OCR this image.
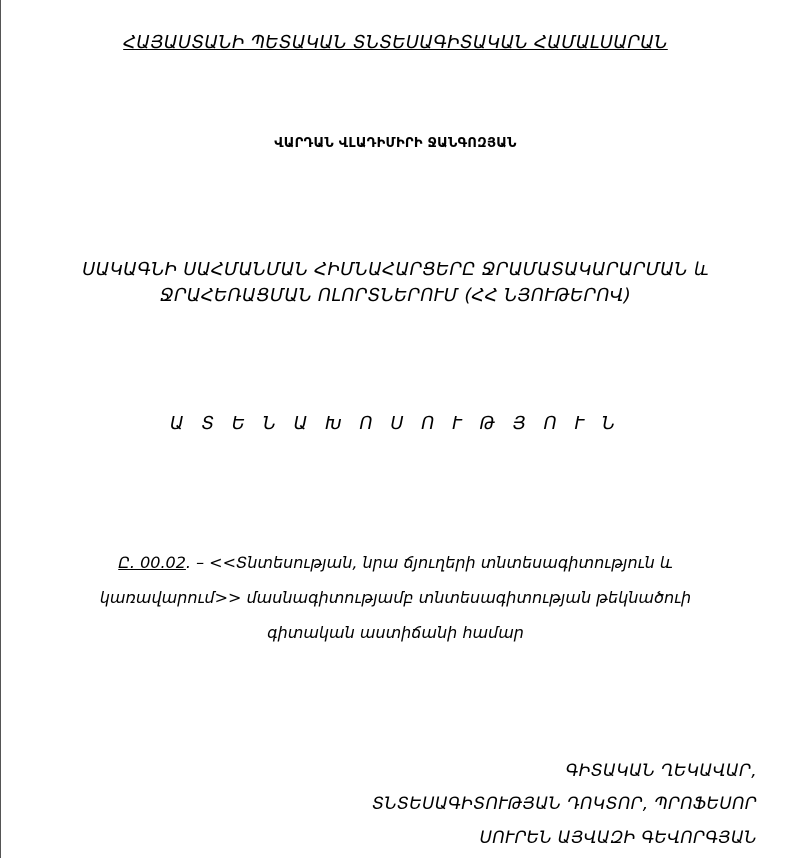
ՀԱՅԱՍՏԱՆԻ ՊԵՏԱԿԱՆ ՏՆՏԵՍԱԳԻՏԱԿԱՆ ՀԱՄԱԼՍԱՐԱՆ
ՎԱՐԴԱՆ ՎԼԱԴԻՄԻՐԻ ՋԱՆԳՈԶՅԱՆ
ՍԱԿԱԳՆԻ ՍԱՀՄԱՆՄԱՆ ՀԻՄՆԱՀԱՐՑԵՐԸ ՋՐԱՄԱՏԱԿԱՐԱՐՄԱՆ և
ՋՐԱՀԵՌԱՑՄԱՆ ՈԼՈՐՏՆԵՐՈՒՄ (ՀՀ ՆՅՈՒԹԵՐՈՎ)
Ա Տ Ե Ն Ա Խ Ո Ս Ո Ւ Թ Յ Ո Ւ Ն
Ը. 00.02. – <<Տնտեսության, նրա ճյուղերի տնտեսագիտություն և
կառավարում>> մասնագիտությամբ տնտեսագիտության թեկնածուի
գիտական աստիճանի համար
ԳԻՏԱԿԱՆ ՂԵԿԱՎԱՐ,
ՏՆՏԵՍԱԳԻՏՈՒԹՅԱՆ ԴՈԿՏՈՐ, ՊՐՈՖԵՍՈՐ
ՍՈՒՐԵՆ ԱՅՎԱԶԻ ԳԵՎՈՐԳՅԱՆ
